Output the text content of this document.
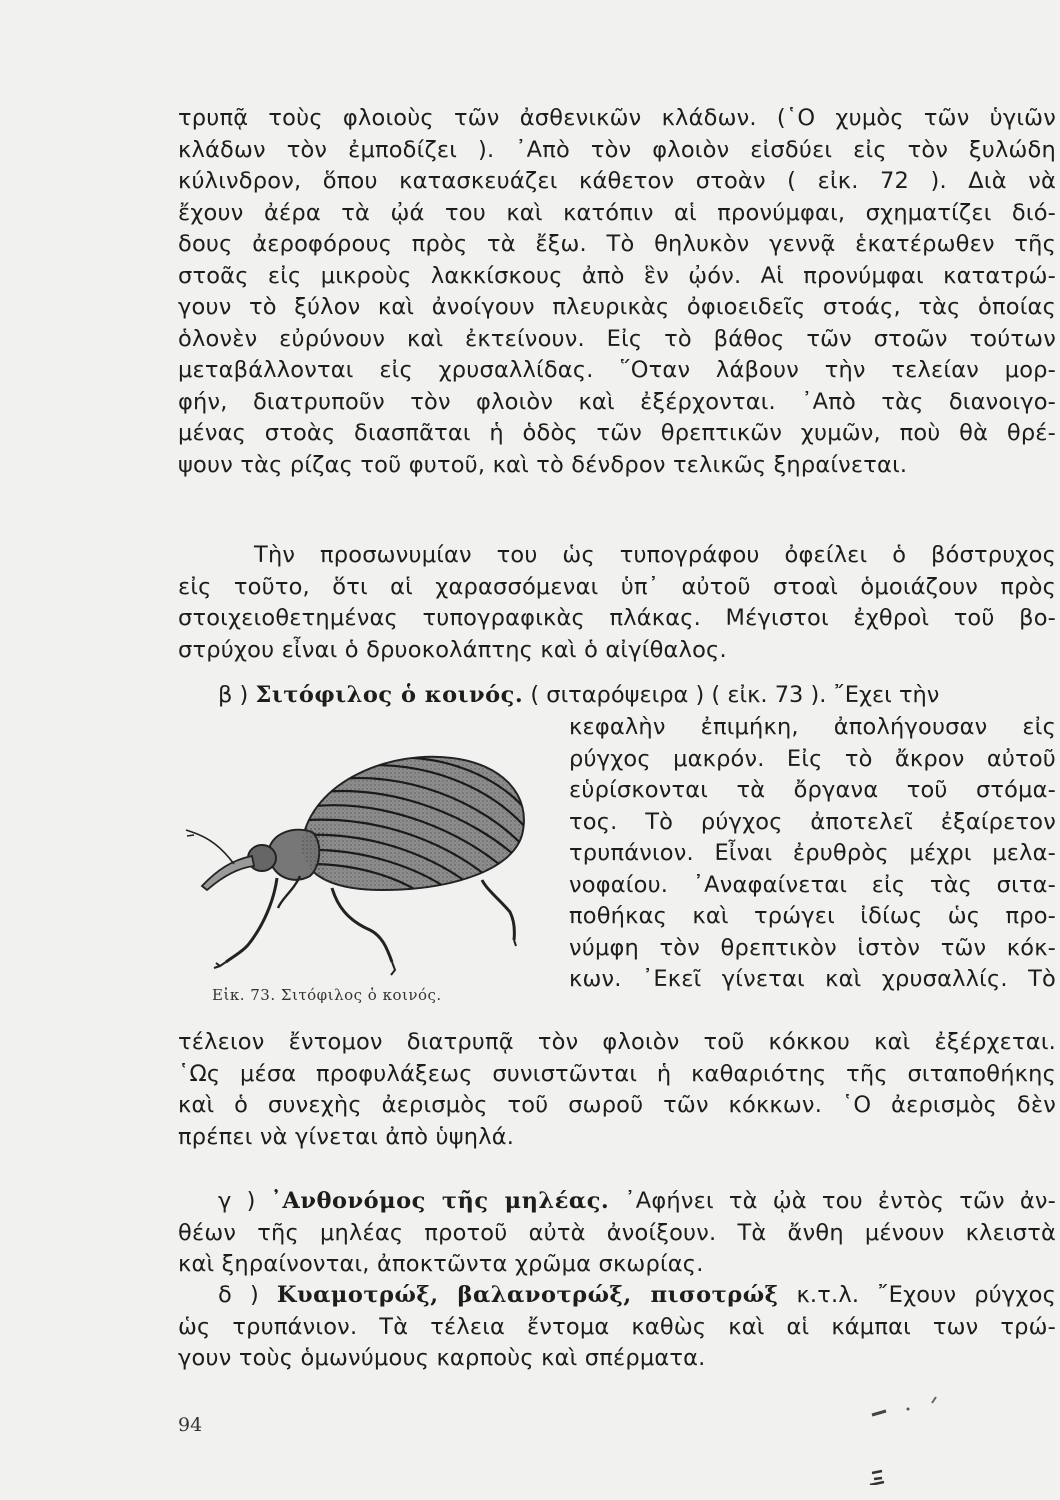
τρυπᾷ τοὺς φλοιοὺς τῶν ἀσθενικῶν κλάδων. (῾Ο χυμὸς τῶν ὑγιῶν
κλάδων τὸν ἐμποδίζει ). ᾿Απὸ τὸν φλοιὸν εἰσδύει εἰς τὸν ξυλώδη
κύλινδρον, ὅπου κατασκευάζει κάθετον στοὰν ( εἰκ. 72 ). Διὰ νὰ
ἔχουν ἀέρα τὰ ᾠά του καὶ κατόπιν αἱ προνύμφαι, σχηματίζει διό-
δους ἀεροφόρους πρὸς τὰ ἔξω. Τὸ θηλυκὸν γεννᾷ ἑκατέρωθεν τῆς
στοᾶς εἰς μικροὺς λακκίσκους ἀπὸ ἓν ᾠόν. Αἱ προνύμφαι κατατρώ-
γουν τὸ ξύλον καὶ ἀνοίγουν πλευρικὰς ὀφιοειδεῖς στοάς, τὰς ὁποίας
ὁλονὲν εὐρύνουν καὶ ἐκτείνουν. Εἰς τὸ βάθος τῶν στοῶν τούτων
μεταβάλλονται εἰς χρυσαλλίδας. ῞Οταν λάβουν τὴν τελείαν μορ-
φήν, διατρυποῦν τὸν φλοιὸν καὶ ἐξέρχονται. ᾿Απὸ τὰς διανοιγο-
μένας στοὰς διασπᾶται ἡ ὁδὸς τῶν θρεπτικῶν χυμῶν, ποὺ θὰ θρέ-
ψουν τὰς ρίζας τοῦ φυτοῦ, καὶ τὸ δένδρον τελικῶς ξηραίνεται.
Τὴν προσωνυμίαν του ὡς τυπογράφου ὀφείλει ὁ βόστρυχος
εἰς τοῦτο, ὅτι αἱ χαρασσόμεναι ὑπ᾿ αὐτοῦ στοαὶ ὁμοιάζουν πρὸς
στοιχειοθετημένας τυπογραφικὰς πλάκας. Μέγιστοι ἐχθροὶ τοῦ βο-
στρύχου εἶναι ὁ δρυοκολάπτης καὶ ὁ αἰγίθαλος.
β ) Σιτόφιλος ὁ κοινός. ( σιταρόψειρα ) ( εἰκ. 73 ). ῎Εχει τὴν
κεφαλὴν ἐπιμήκη, ἀπολήγουσαν εἰς
ρύγχος μακρόν. Εἰς τὸ ἄκρον αὐτοῦ
εὑρίσκονται τὰ ὄργανα τοῦ στόμα-
τος. Τὸ ρύγχος ἀποτελεῖ ἐξαίρετον
τρυπάνιον. Εἶναι ἐρυθρὸς μέχρι μελα-
νοφαίου. ᾿Αναφαίνεται εἰς τὰς σιτα-
ποθήκας καὶ τρώγει ἰδίως ὡς προ-
νύμφη τὸν θρεπτικὸν ἱστὸν τῶν κόκ-
κων. ᾿Εκεῖ γίνεται καὶ χρυσαλλίς. Τὸ
Εἰκ. 73. Σιτόφιλος ὁ κοινός.
τέλειον ἔντομον διατρυπᾷ τὸν φλοιὸν τοῦ κόκκου καὶ ἐξέρχεται.
῾Ως μέσα προφυλάξεως συνιστῶνται ἡ καθαριότης τῆς σιταποθήκης
καὶ ὁ συνεχὴς ἀερισμὸς τοῦ σωροῦ τῶν κόκκων. ῾Ο ἀερισμὸς δὲν
πρέπει νὰ γίνεται ἀπὸ ὑψηλά.
γ ) ᾿Ανθονόμος τῆς μηλέας. ᾿Αφήνει τὰ ᾠὰ του ἐντὸς τῶν ἀν-
θέων τῆς μηλέας προτοῦ αὐτὰ ἀνοίξουν. Τὰ ἄνθη μένουν κλειστὰ
καὶ ξηραίνονται, ἀποκτῶντα χρῶμα σκωρίας.
δ ) Κυαμοτρώξ, βαλανοτρώξ, πισοτρώξ κ.τ.λ. ῎Εχουν ρύγχος
ὡς τρυπάνιον. Τὰ τέλεια ἔντομα καθὼς καὶ αἱ κάμπαι των τρώ-
γουν τοὺς ὁμωνύμους καρποὺς καὶ σπέρματα.
94
